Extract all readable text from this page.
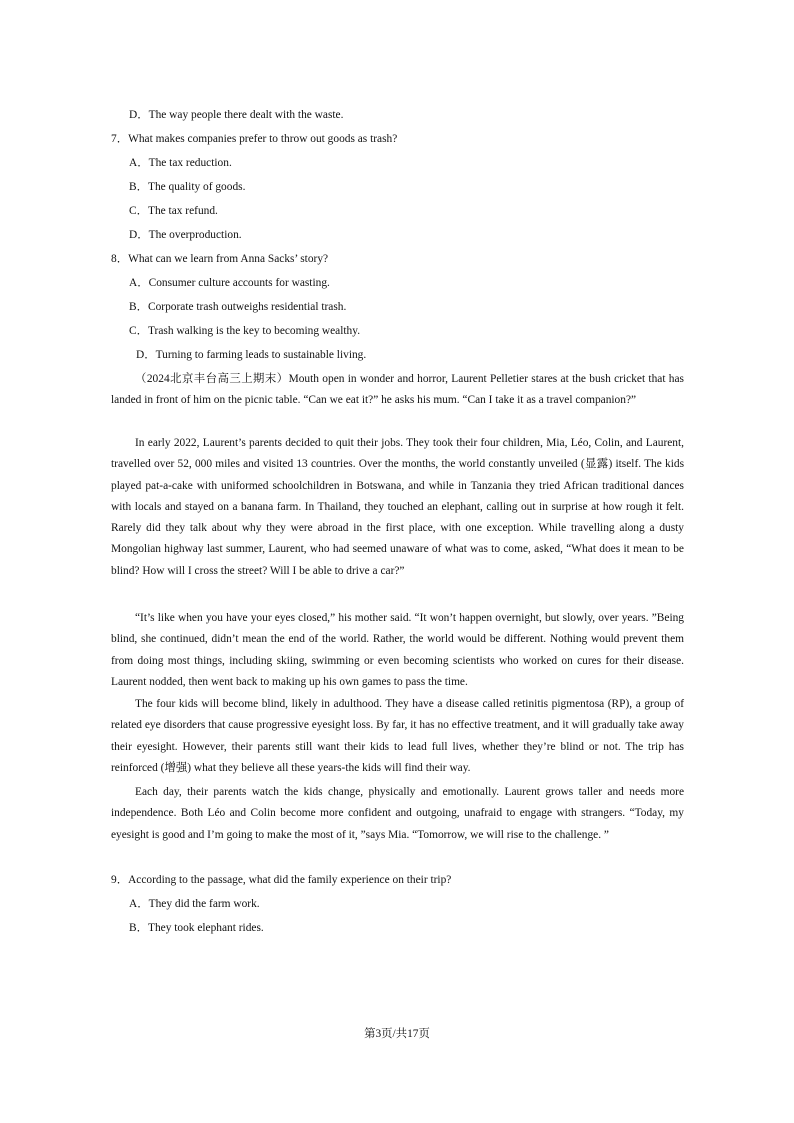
D．The way people there dealt with the waste.
7．What makes companies prefer to throw out goods as trash?
A．The tax reduction.
B．The quality of goods.
C．The tax refund.
D．The overproduction.
8．What can we learn from Anna Sacks’ story?
A．Consumer culture accounts for wasting.
B．Corporate trash outweighs residential trash.
C．Trash walking is the key to becoming wealthy.
D．Turning to farming leads to sustainable living.
（2024北京丰台高三上期末）Mouth open in wonder and horror, Laurent Pelletier stares at the bush cricket that has landed in front of him on the picnic table. “Can we eat it?” he asks his mum. “Can I take it as a travel companion?”
In early 2022, Laurent’s parents decided to quit their jobs. They took their four children, Mia, Léo, Colin, and Laurent, travelled over 52, 000 miles and visited 13 countries. Over the months, the world constantly unveiled (显露) itself. The kids played pat-a-cake with uniformed schoolchildren in Botswana, and while in Tanzania they tried African traditional dances with locals and stayed on a banana farm. In Thailand, they touched an elephant, calling out in surprise at how rough it felt. Rarely did they talk about why they were abroad in the first place, with one exception. While travelling along a dusty Mongolian highway last summer, Laurent, who had seemed unaware of what was to come, asked, “What does it mean to be blind? How will I cross the street? Will I be able to drive a car?”
“It’s like when you have your eyes closed,” his mother said. “It won’t happen overnight, but slowly, over years. ”Being blind, she continued, didn’t mean the end of the world. Rather, the world would be different. Nothing would prevent them from doing most things, including skiing, swimming or even becoming scientists who worked on cures for their disease. Laurent nodded, then went back to making up his own games to pass the time.
The four kids will become blind, likely in adulthood. They have a disease called retinitis pigmentosa (RP), a group of related eye disorders that cause progressive eyesight loss. By far, it has no effective treatment, and it will gradually take away their eyesight. However, their parents still want their kids to lead full lives, whether they’re blind or not. The trip has reinforced (增强) what they believe all these years-the kids will find their way.
Each day, their parents watch the kids change, physically and emotionally. Laurent grows taller and needs more independence. Both Léo and Colin become more confident and outgoing, unafraid to engage with strangers. “Today, my eyesight is good and I’m going to make the most of it, ”says Mia. “Tomorrow, we will rise to the challenge. ”
9．According to the passage, what did the family experience on their trip?
A．They did the farm work.
B．They took elephant rides.
第3页/共17页
